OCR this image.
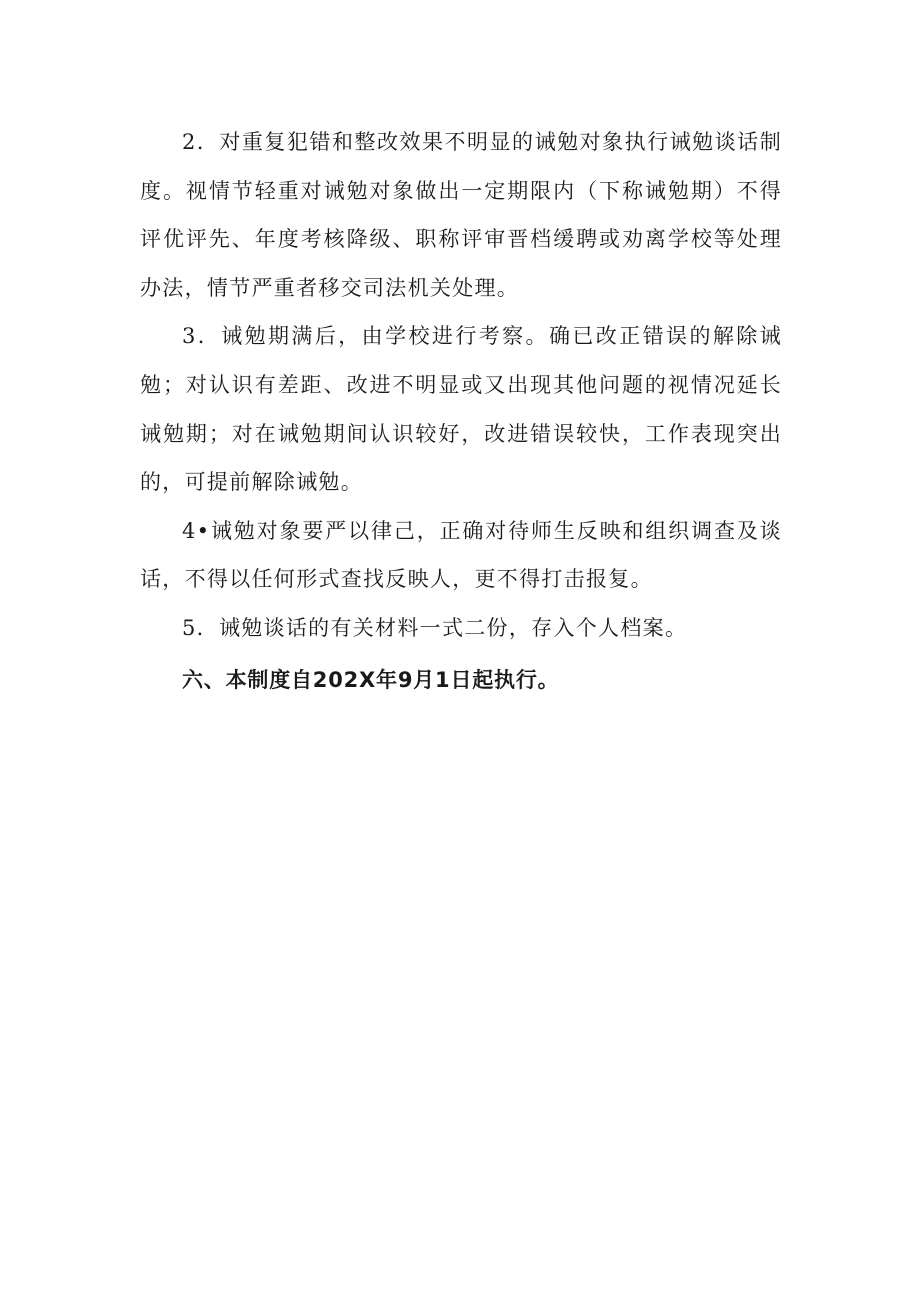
2．对重复犯错和整改效果不明显的诫勉对象执行诫勉谈话制度。视情节轻重对诫勉对象做出一定期限内（下称诫勉期）不得评优评先、年度考核降级、职称评审晋档缓聘或劝离学校等处理办法，情节严重者移交司法机关处理。

3．诫勉期满后，由学校进行考察。确已改正错误的解除诫勉；对认识有差距、改进不明显或又出现其他问题的视情况延长诫勉期；对在诫勉期间认识较好，改进错误较快，工作表现突出的，可提前解除诫勉。

4•诫勉对象要严以律己，正确对待师生反映和组织调查及谈话，不得以任何形式查找反映人，更不得打击报复。

5．诫勉谈话的有关材料一式二份，存入个人档案。

六、本制度自202X年9月1日起执行。
